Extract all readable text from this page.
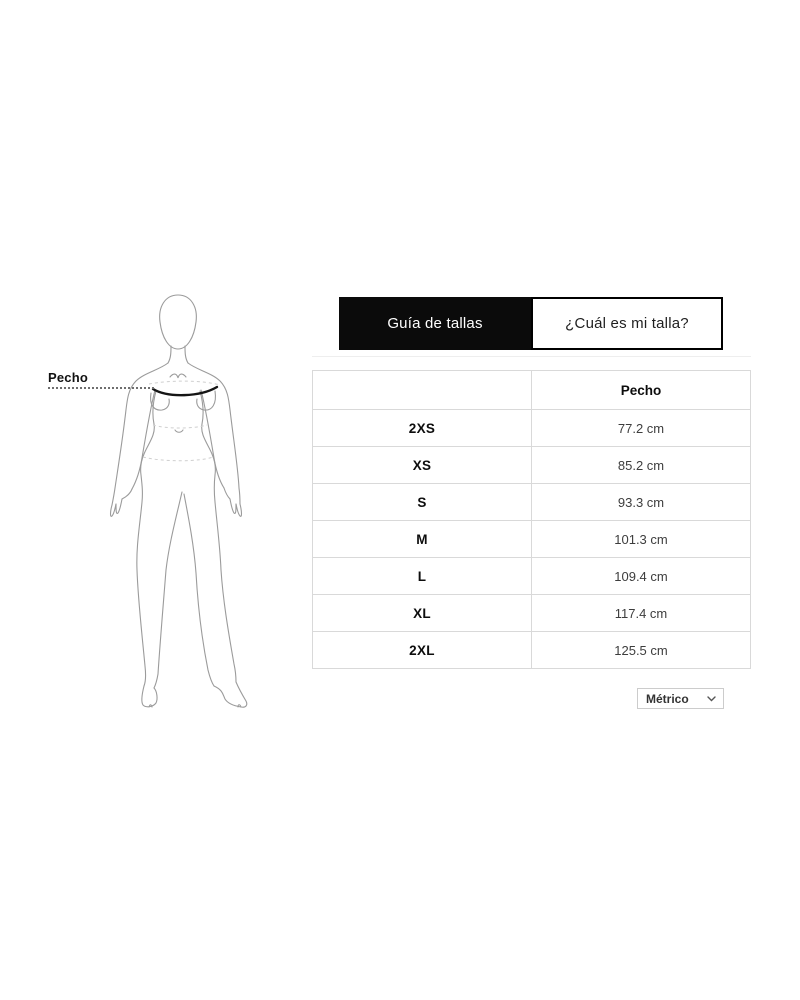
Pecho
Guía de tallas	¿Cuál es mi talla?
	Pecho
2XS	77.2 cm
XS	85.2 cm
S	93.3 cm
M	101.3 cm
L	109.4 cm
XL	117.4 cm
2XL	125.5 cm
Métrico
